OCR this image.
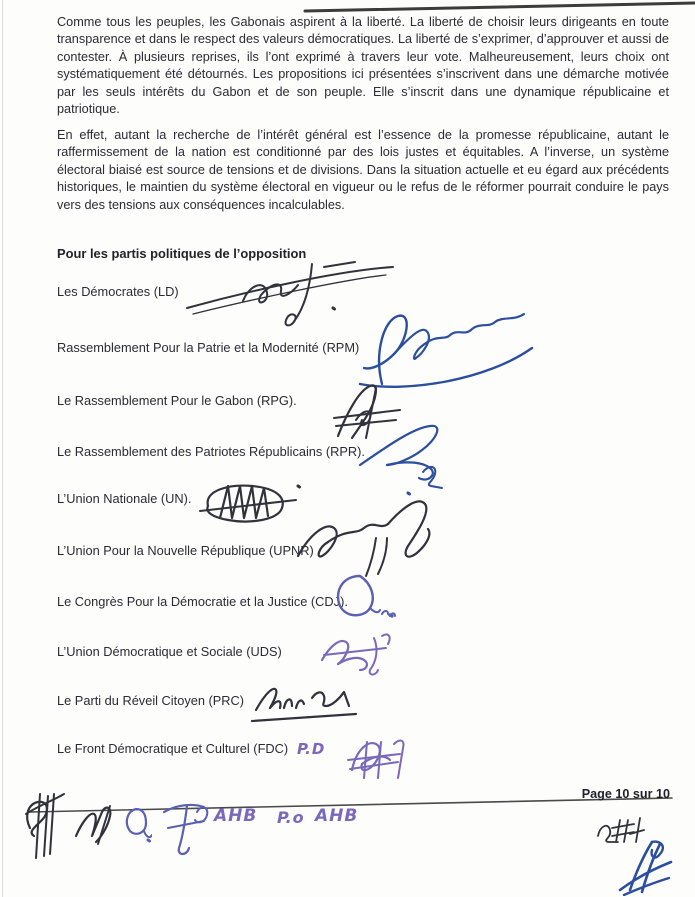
Comme tous les peuples, les Gabonais aspirent à la liberté. La liberté de choisir leurs dirigeants en toute transparence et dans le respect des valeurs démocratiques. La liberté de s’exprimer, d’approuver et aussi de contester. À plusieurs reprises, ils l’ont exprimé à travers leur vote. Malheureusement, leurs choix ont systématiquement été détournés. Les propositions ici présentées s’inscrivent dans une démarche motivée par les seuls intérêts du Gabon et de son peuple. Elle s’inscrit dans une dynamique républicaine et patriotique.

En effet, autant la recherche de l’intérêt général est l’essence de la promesse républicaine, autant le raffermissement de la nation est conditionné par des lois justes et équitables. A l’inverse, un système électoral biaisé est source de tensions et de divisions. Dans la situation actuelle et eu égard aux précédents historiques, le maintien du système électoral en vigueur ou le refus de le réformer pourrait conduire le pays vers des tensions aux conséquences incalculables.

Pour les partis politiques de l’opposition
Les Démocrates (LD)
Rassemblement Pour la Patrie et la Modernité (RPM)
Le Rassemblement Pour le Gabon (RPG).
Le Rassemblement des Patriotes Républicains (RPR).
L’Union Nationale (UN).
L’Union Pour la Nouvelle République (UPNR)
Le Congrès Pour la Démocratie et la Justice (CDJ).
L’Union Démocratique et Sociale (UDS)
Le Parti du Réveil Citoyen (PRC)
Le Front Démocratique et Culturel (FDC) P.D
Page 10 sur 10
AHB P.o AHB
